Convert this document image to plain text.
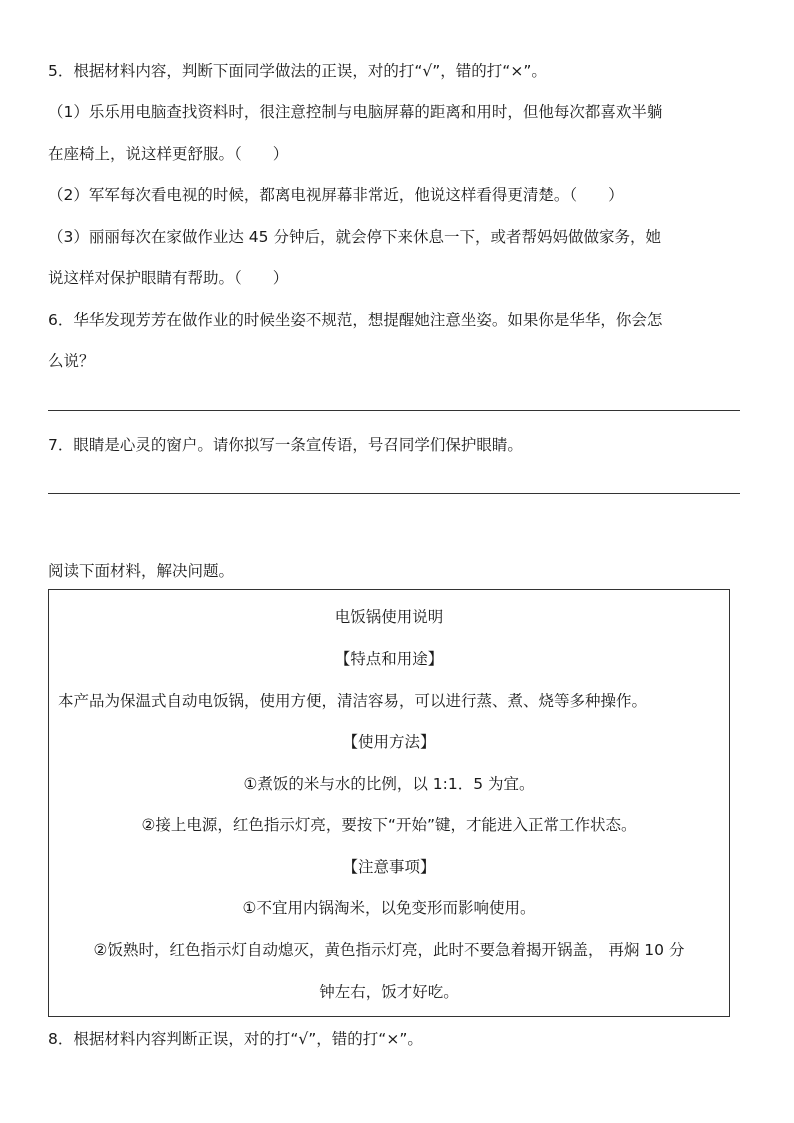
5．根据材料内容，判断下面同学做法的正误，对的打“√”，错的打“×”。
（1）乐乐用电脑查找资料时，很注意控制与电脑屏幕的距离和用时，但他每次都喜欢半躺
在座椅上，说这样更舒服。（　　）
（2）军军每次看电视的时候，都离电视屏幕非常近，他说这样看得更清楚。（　　）
（3）丽丽每次在家做作业达 45 分钟后，就会停下来休息一下，或者帮妈妈做做家务，她
说这样对保护眼睛有帮助。（　　）
6．华华发现芳芳在做作业的时候坐姿不规范，想提醒她注意坐姿。如果你是华华，你会怎
么说？
7．眼睛是心灵的窗户。请你拟写一条宣传语，号召同学们保护眼睛。
阅读下面材料，解决问题。
电饭锅使用说明
【特点和用途】
本产品为保温式自动电饭锅，使用方便，清洁容易，可以进行蒸、煮、烧等多种操作。
【使用方法】
①煮饭的米与水的比例，以 1:1．5 为宜。
②接上电源，红色指示灯亮，要按下“开始”键，才能进入正常工作状态。
【注意事项】
①不宜用内锅淘米，以免变形而影响使用。
②饭熟时，红色指示灯自动熄灭，黄色指示灯亮，此时不要急着揭开锅盖， 再焖 10 分
钟左右，饭才好吃。
8．根据材料内容判断正误，对的打“√”，错的打“×”。
